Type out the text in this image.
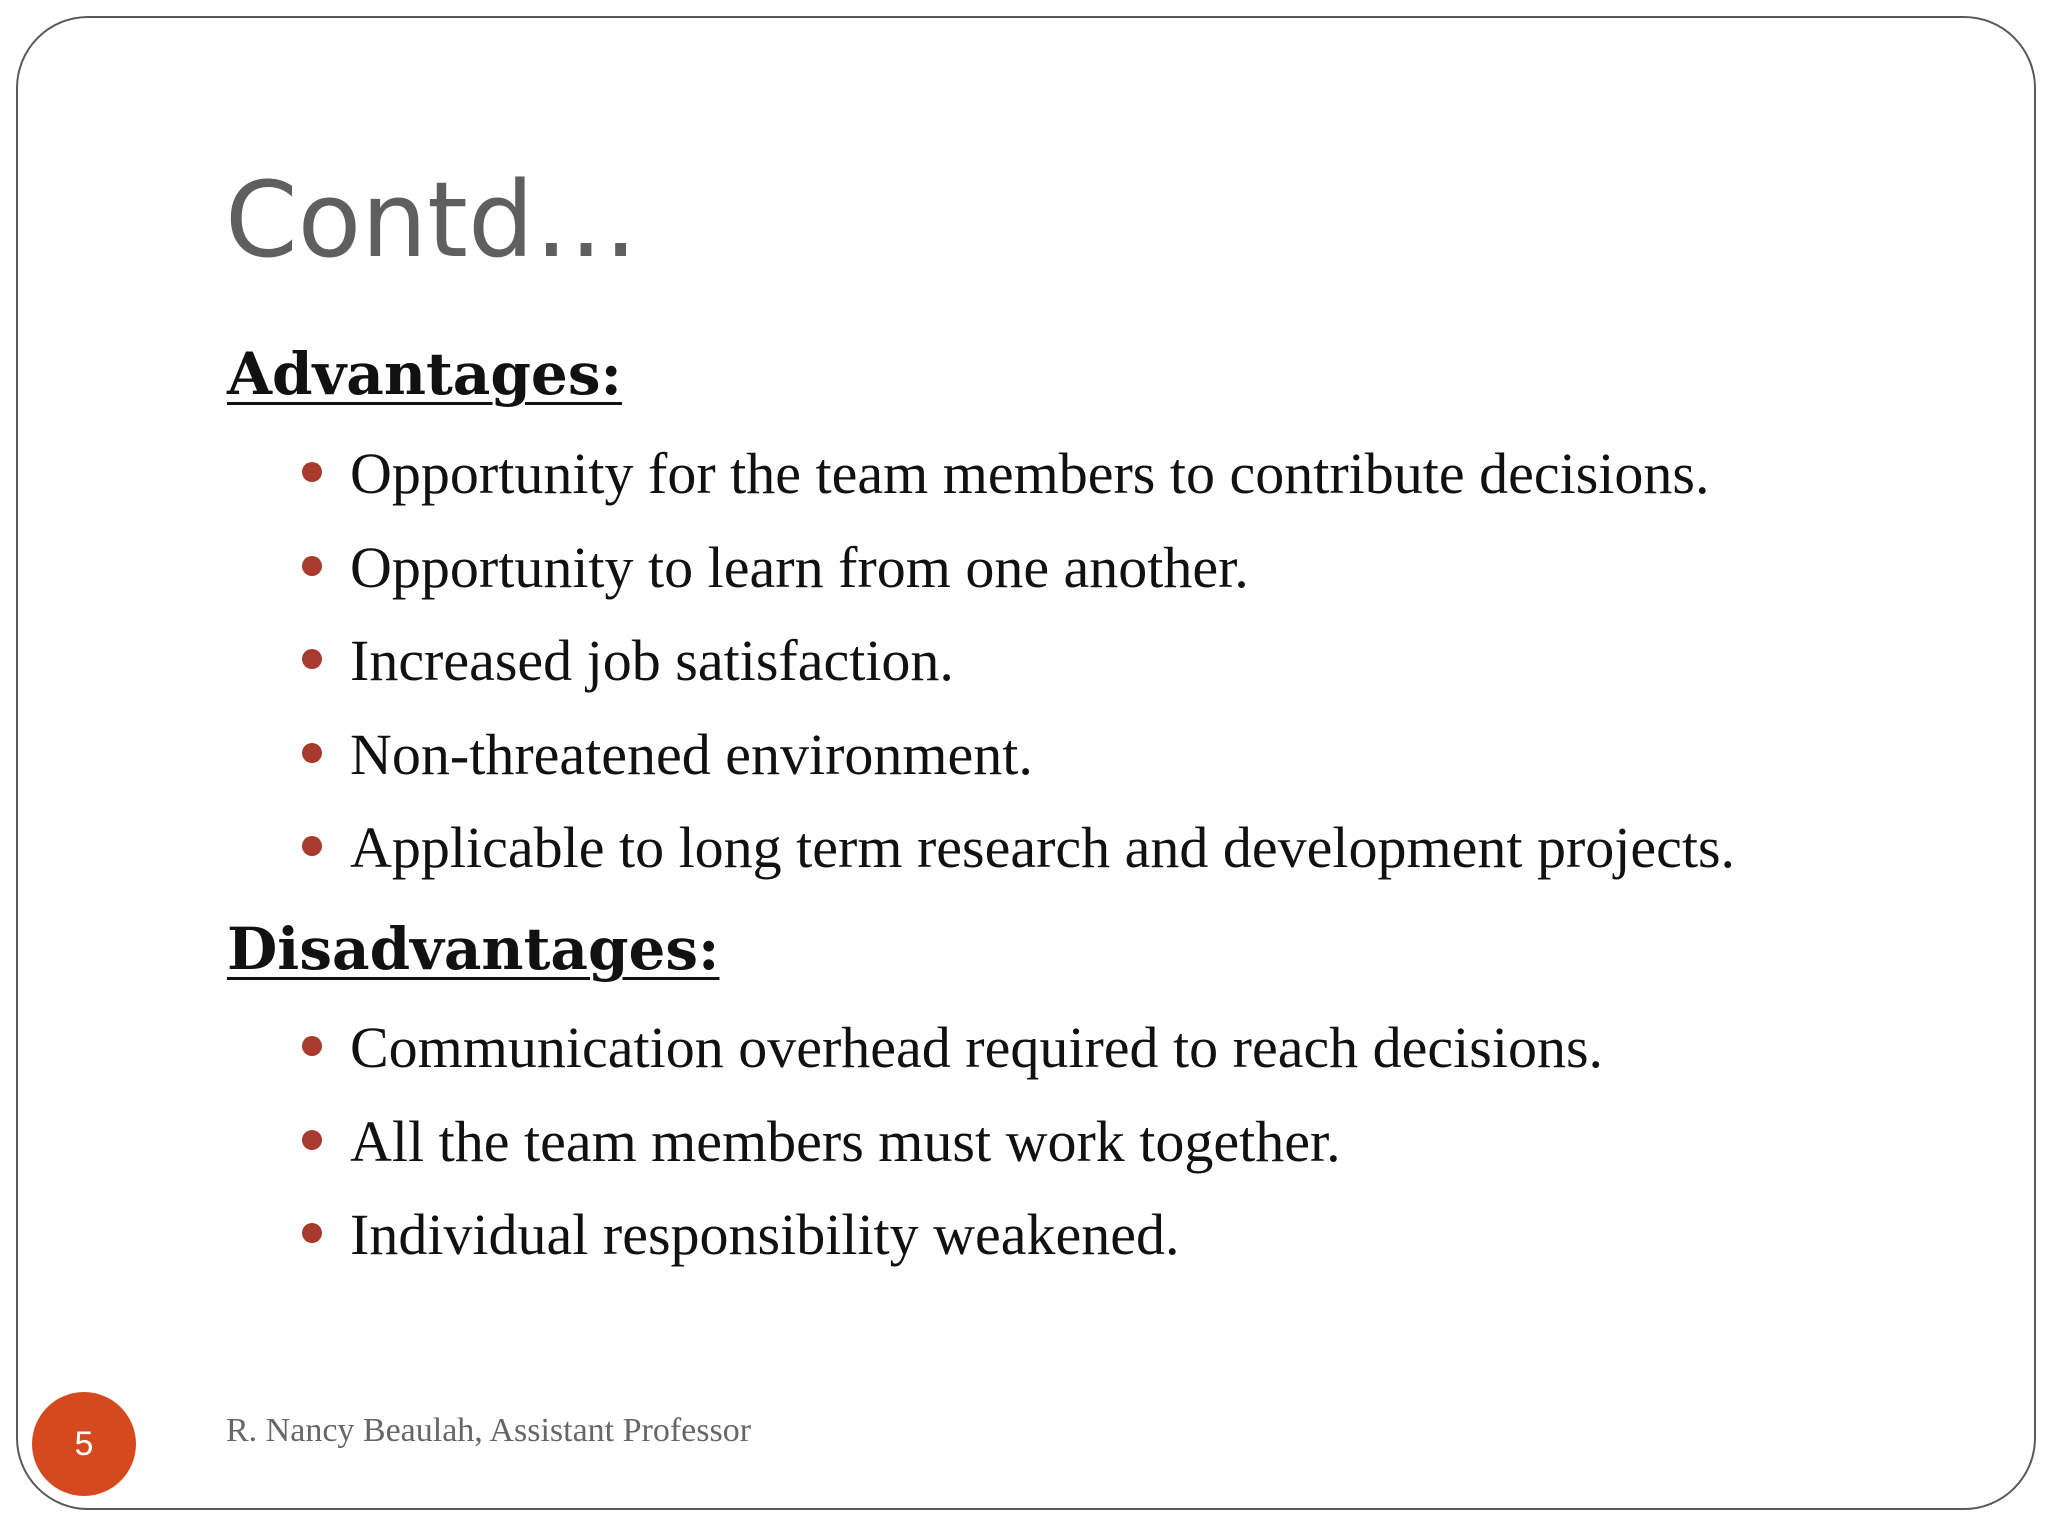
Contd…
Advantages:
Opportunity for the team members to contribute decisions.
Opportunity to learn from one another.
Increased job satisfaction.
Non-threatened environment.
Applicable to long term research and development projects.
Disadvantages:
Communication overhead required to reach decisions.
All the team members must work together.
Individual responsibility weakened.
5	R. Nancy Beaulah, Assistant Professor
